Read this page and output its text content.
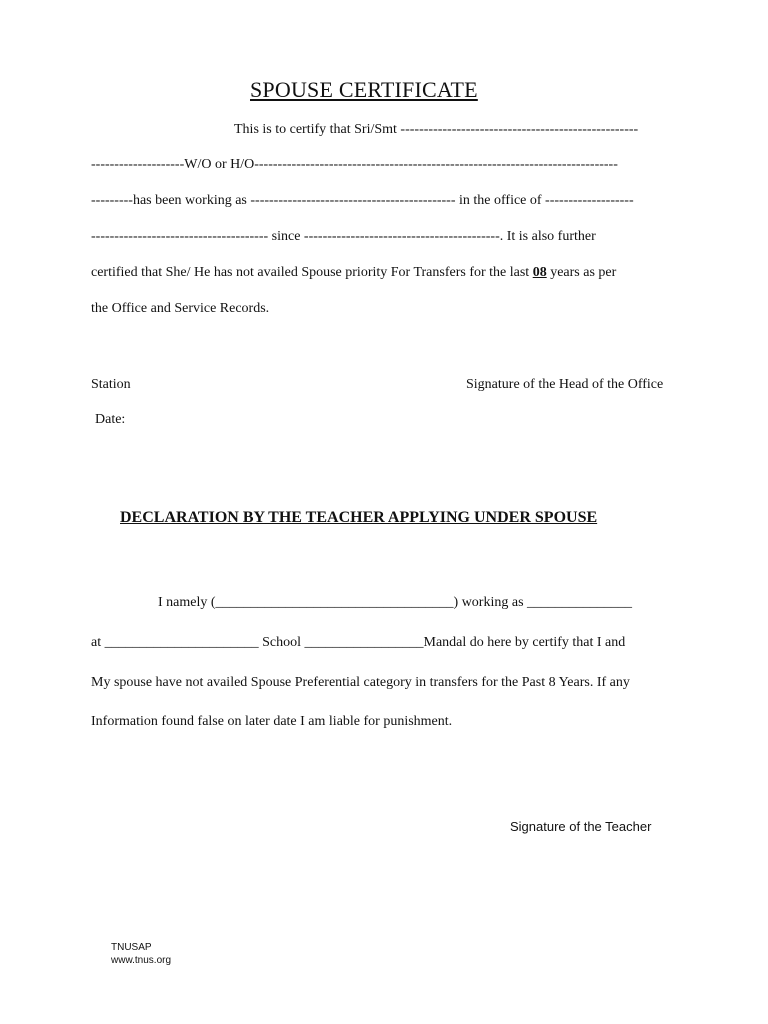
SPOUSE CERTIFICATE
This is to certify that Sri/Smt ---------------------------------------------------
--------------------W/O or H/O------------------------------------------------------------------------------
---------has been working as -------------------------------------------- in the office of -------------------
-------------------------------------- since ------------------------------------------. It is also further
certified that She/ He has not availed Spouse priority For Transfers for the last 08 years as per
the Office and Service Records.
Station	Signature of the Head of the Office
Date:
DECLARATION BY THE TEACHER APPLYING UNDER SPOUSE
I namely (__________________________________) working as _______________
at ______________________ School _________________Mandal do here by certify that I and
My spouse have not availed Spouse Preferential category in transfers for the Past 8 Years. If any
Information found false on later date I am liable for punishment.
Signature of the Teacher
TNUSAP
www.tnus.org
